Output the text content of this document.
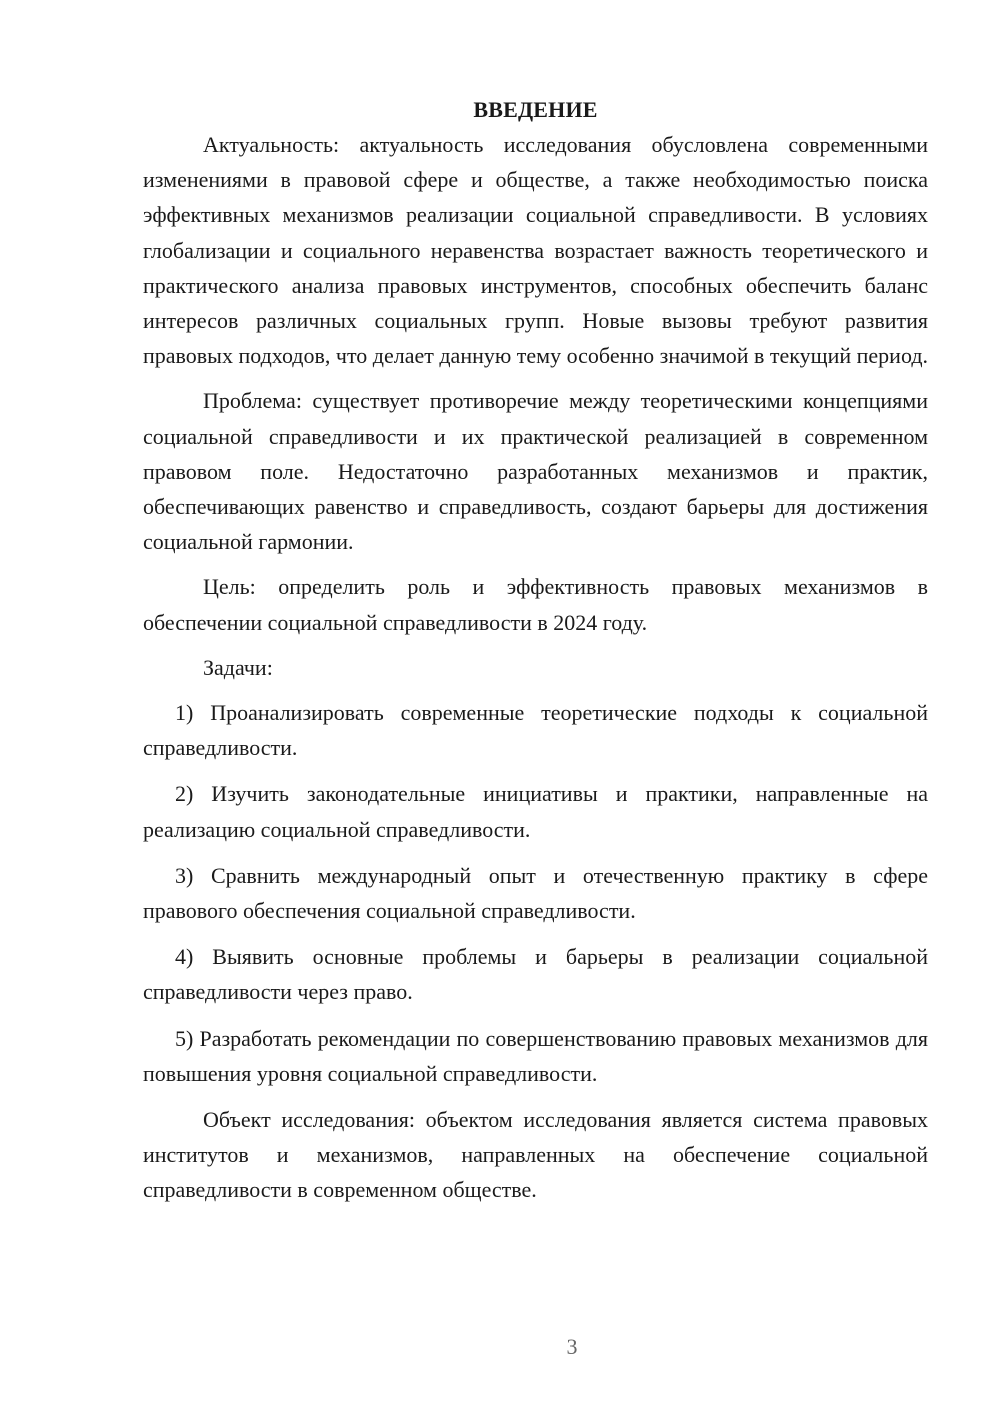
ВВЕДЕНИЕ

Актуальность: актуальность исследования обусловлена современными изменениями в правовой сфере и обществе, а также необходимостью поиска эффективных механизмов реализации социальной справедливости. В условиях глобализации и социального неравенства возрастает важность теоретического и практического анализа правовых инструментов, способных обеспечить баланс интересов различных социальных групп. Новые вызовы требуют развития правовых подходов, что делает данную тему особенно значимой в текущий период.

Проблема: существует противоречие между теоретическими концепциями социальной справедливости и их практической реализацией в современном правовом поле. Недостаточно разработанных механизмов и практик, обеспечивающих равенство и справедливость, создают барьеры для достижения социальной гармонии.

Цель: определить роль и эффективность правовых механизмов в обеспечении социальной справедливости в 2024 году.

Задачи:

1) Проанализировать современные теоретические подходы к социальной справедливости.

2) Изучить законодательные инициативы и практики, направленные на реализацию социальной справедливости.

3) Сравнить международный опыт и отечественную практику в сфере правового обеспечения социальной справедливости.

4) Выявить основные проблемы и барьеры в реализации социальной справедливости через право.

5) Разработать рекомендации по совершенствованию правовых механизмов для повышения уровня социальной справедливости.

Объект исследования: объектом исследования является система правовых институтов и механизмов, направленных на обеспечение социальной справедливости в современном обществе.

3
